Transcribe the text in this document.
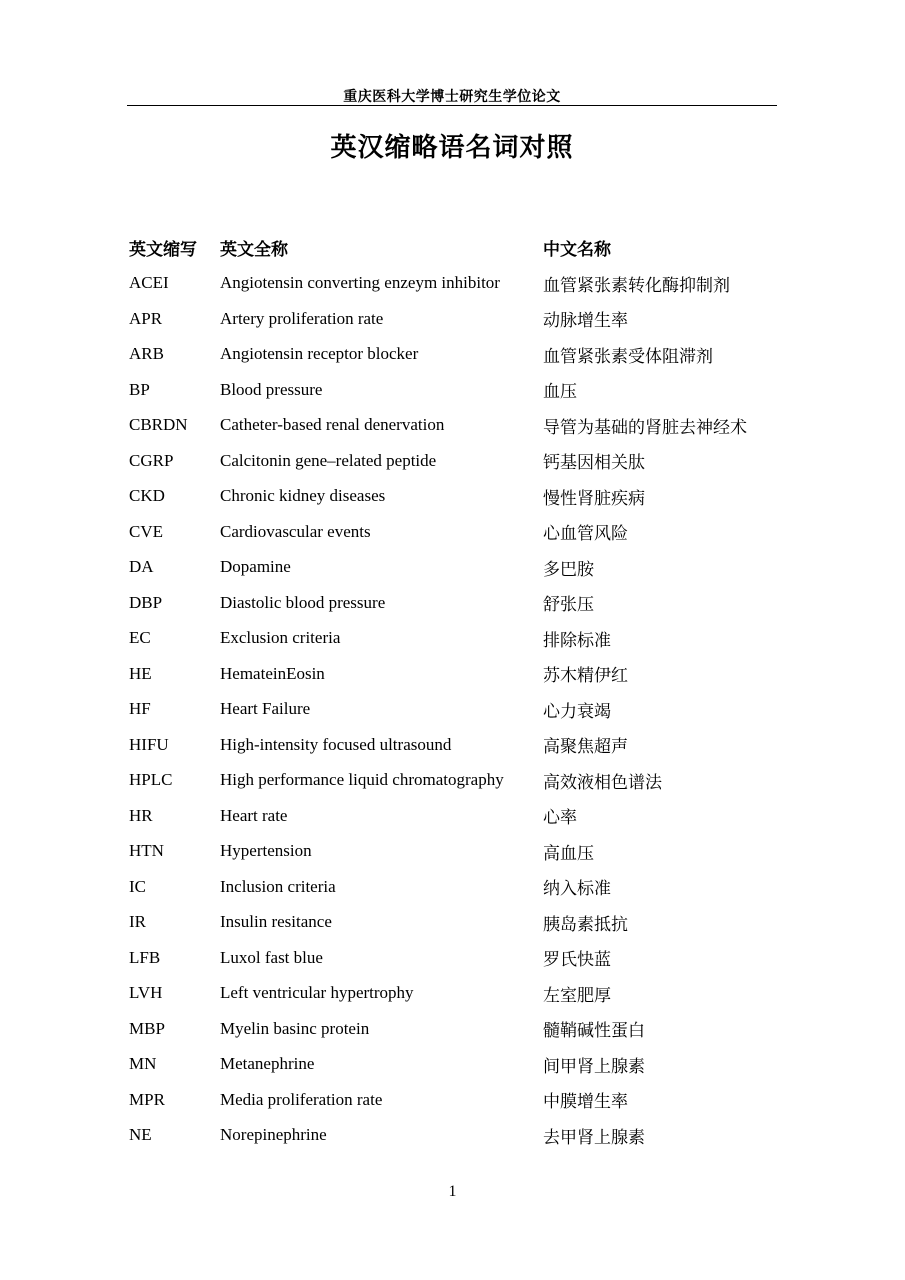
重庆医科大学博士研究生学位论文
英汉缩略语名词对照
英文缩写	英文全称	中文名称
ACEI	Angiotensin converting enzeym inhibitor	血管紧张素转化酶抑制剂
APR	Artery proliferation rate	动脉增生率
ARB	Angiotensin receptor blocker	血管紧张素受体阻滞剂
BP	Blood pressure	血压
CBRDN	Catheter-based renal denervation	导管为基础的肾脏去神经术
CGRP	Calcitonin gene–related peptide	钙基因相关肽
CKD	Chronic kidney diseases	慢性肾脏疾病
CVE	Cardiovascular events	心血管风险
DA	Dopamine	多巴胺
DBP	Diastolic blood pressure	舒张压
EC	Exclusion criteria	排除标准
HE	HemateinEosin	苏木精伊红
HF	Heart Failure	心力衰竭
HIFU	High-intensity focused ultrasound	高聚焦超声
HPLC	High performance liquid chromatography	高效液相色谱法
HR	Heart rate	心率
HTN	Hypertension	高血压
IC	Inclusion criteria	纳入标准
IR	Insulin resitance	胰岛素抵抗
LFB	Luxol fast blue	罗氏快蓝
LVH	Left ventricular hypertrophy	左室肥厚
MBP	Myelin basinc protein	髓鞘碱性蛋白
MN	Metanephrine	间甲肾上腺素
MPR	Media proliferation rate	中膜增生率
NE	Norepinephrine	去甲肾上腺素
1
